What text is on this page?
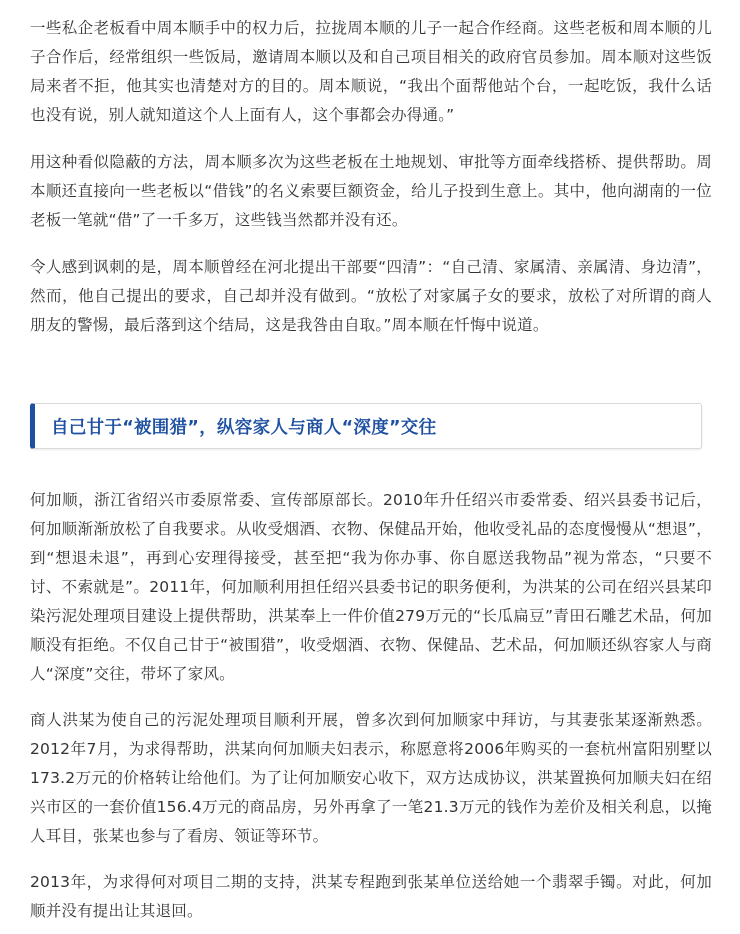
一些私企老板看中周本顺手中的权力后，拉拢周本顺的儿子一起合作经商。这些老板和周本顺的儿子合作后，经常组织一些饭局，邀请周本顺以及和自己项目相关的政府官员参加。周本顺对这些饭局来者不拒，他其实也清楚对方的目的。周本顺说，“我出个面帮他站个台，一起吃饭，我什么话也没有说，别人就知道这个人上面有人，这个事都会办得通。”

用这种看似隐蔽的方法，周本顺多次为这些老板在土地规划、审批等方面牵线搭桥、提供帮助。周本顺还直接向一些老板以“借钱”的名义索要巨额资金，给儿子投到生意上。其中，他向湖南的一位老板一笔就“借”了一千多万，这些钱当然都并没有还。

令人感到讽刺的是，周本顺曾经在河北提出干部要“四清”：“自己清、家属清、亲属清、身边清”，然而，他自己提出的要求，自己却并没有做到。“放松了对家属子女的要求，放松了对所谓的商人朋友的警惕，最后落到这个结局，这是我咎由自取。”周本顺在忏悔中说道。

自己甘于“被围猎”，纵容家人与商人“深度”交往

何加顺，浙江省绍兴市委原常委、宣传部原部长。2010年升任绍兴市委常委、绍兴县委书记后，何加顺渐渐放松了自我要求。从收受烟酒、衣物、保健品开始，他收受礼品的态度慢慢从“想退”，到“想退未退”，再到心安理得接受，甚至把“我为你办事、你自愿送我物品”视为常态，“只要不讨、不索就是”。2011年，何加顺利用担任绍兴县委书记的职务便利，为洪某的公司在绍兴县某印染污泥处理项目建设上提供帮助，洪某奉上一件价值279万元的“长瓜扁豆”青田石雕艺术品，何加顺没有拒绝。不仅自己甘于“被围猎”，收受烟酒、衣物、保健品、艺术品，何加顺还纵容家人与商人“深度”交往，带坏了家风。

商人洪某为使自己的污泥处理项目顺利开展，曾多次到何加顺家中拜访，与其妻张某逐渐熟悉。2012年7月，为求得帮助，洪某向何加顺夫妇表示，称愿意将2006年购买的一套杭州富阳别墅以173.2万元的价格转让给他们。为了让何加顺安心收下，双方达成协议，洪某置换何加顺夫妇在绍兴市区的一套价值156.4万元的商品房，另外再拿了一笔21.3万元的钱作为差价及相关利息，以掩人耳目，张某也参与了看房、领证等环节。

2013年，为求得何对项目二期的支持，洪某专程跑到张某单位送给她一个翡翠手镯。对此，何加顺并没有提出让其退回。
